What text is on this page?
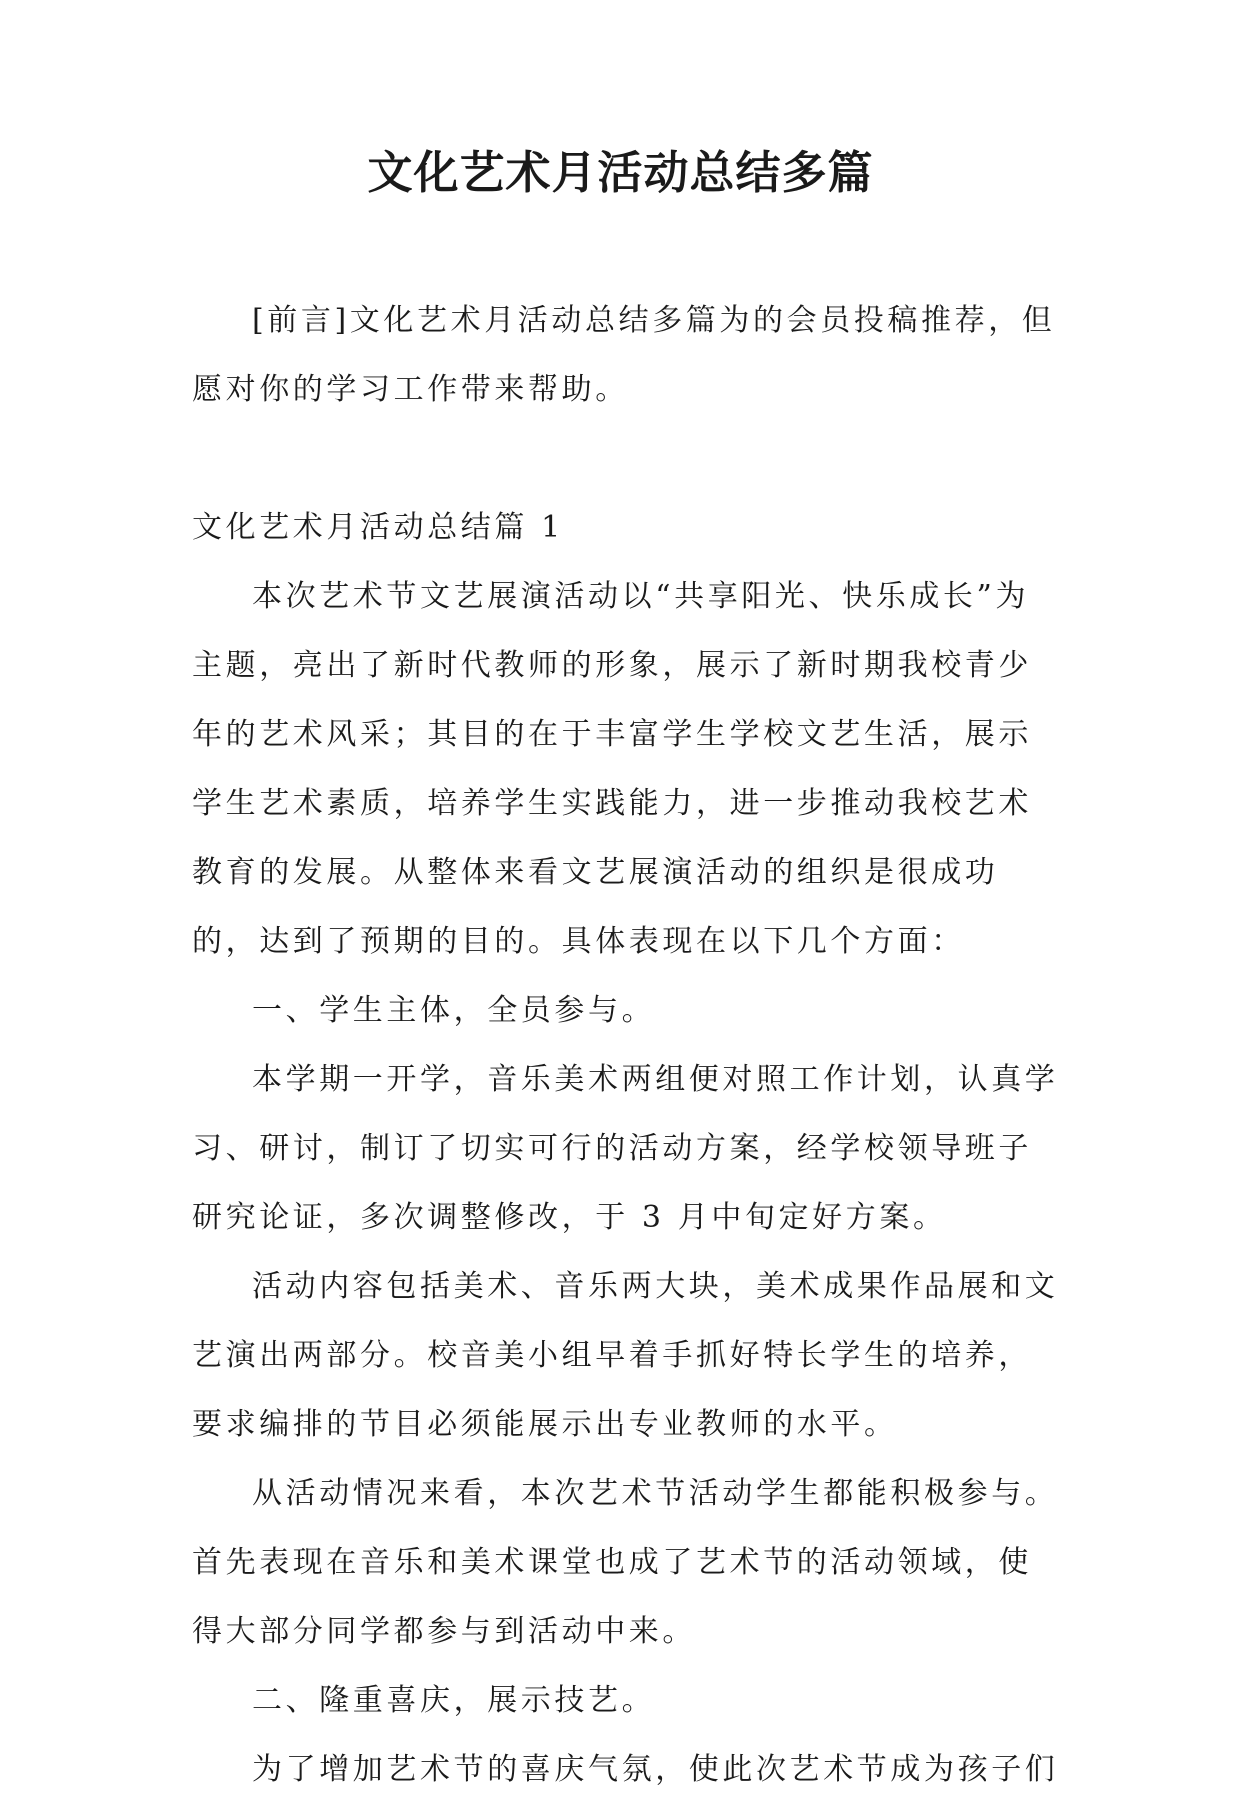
文化艺术月活动总结多篇

[前言]文化艺术月活动总结多篇为的会员投稿推荐，但愿对你的学习工作带来帮助。

文化艺术月活动总结篇 1

本次艺术节文艺展演活动以“共享阳光、快乐成长”为主题，亮出了新时代教师的形象，展示了新时期我校青少年的艺术风采；其目的在于丰富学生学校文艺生活，展示学生艺术素质，培养学生实践能力，进一步推动我校艺术教育的发展。从整体来看文艺展演活动的组织是很成功的，达到了预期的目的。具体表现在以下几个方面：

一、学生主体，全员参与。

本学期一开学，音乐美术两组便对照工作计划，认真学习、研讨，制订了切实可行的活动方案，经学校领导班子研究论证，多次调整修改，于 3 月中旬定好方案。

活动内容包括美术、音乐两大块，美术成果作品展和文艺演出两部分。校音美小组早着手抓好特长学生的培养，要求编排的节目必须能展示出专业教师的水平。

从活动情况来看，本次艺术节活动学生都能积极参与。首先表现在音乐和美术课堂也成了艺术节的活动领域，使得大部分同学都参与到活动中来。

二、隆重喜庆，展示技艺。

为了增加艺术节的喜庆气氛，使此次艺术节成为孩子们
